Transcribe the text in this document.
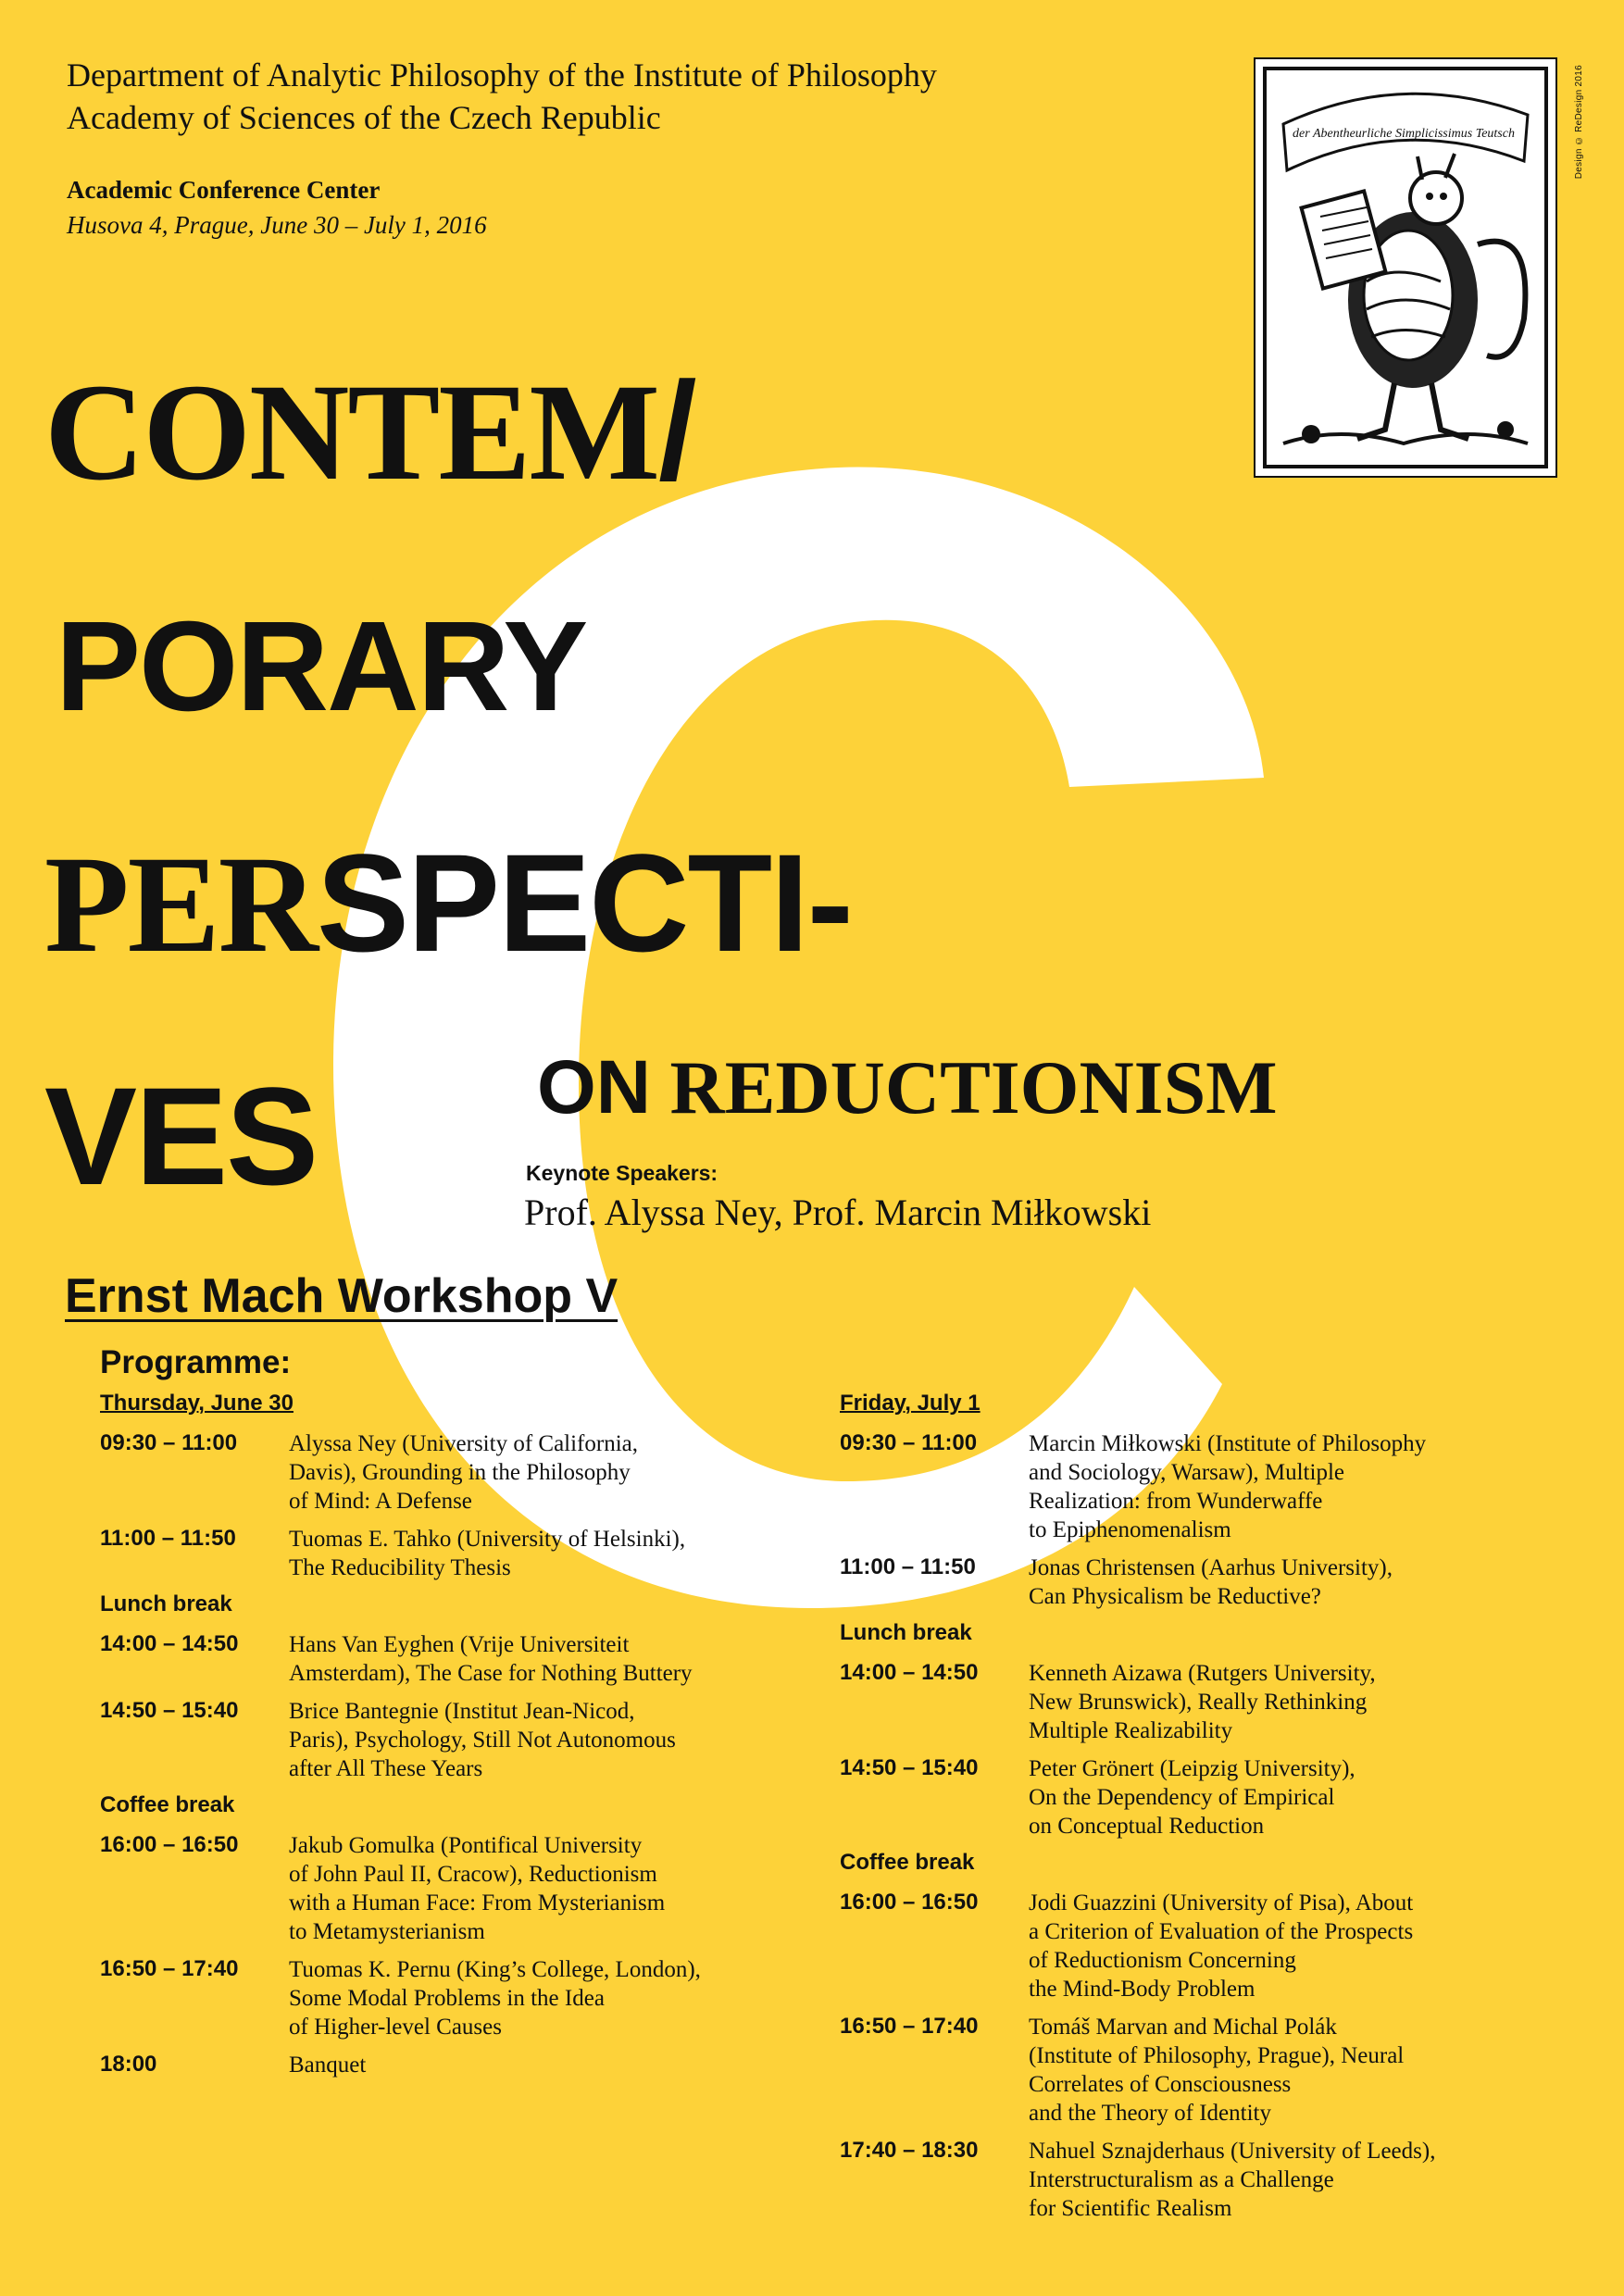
Department of Analytic Philosophy of the Institute of Philosophy
Academy of Sciences of the Czech Republic
Academic Conference Center
Husova 4, Prague, June 30 – July 1, 2016
Design © ReDesign 2016
der Abentheurliche Simplicissimus Teutsch
CONTEM/
PORARY
PERSPECTI-
VES	ON REDUCTIONISM
Keynote Speakers:
Prof. Alyssa Ney, Prof. Marcin Miłkowski
Ernst Mach Workshop V
Programme:
Thursday, June 30
09:30 – 11:00	Alyssa Ney (University of California,
Davis), Grounding in the Philosophy
of Mind: A Defense
11:00 – 11:50	Tuomas E. Tahko (University of Helsinki),
The Reducibility Thesis
Lunch break
14:00 – 14:50	Hans Van Eyghen (Vrije Universiteit
Amsterdam), The Case for Nothing Buttery
14:50 – 15:40	Brice Bantegnie (Institut Jean-Nicod,
Paris), Psychology, Still Not Autonomous
after All These Years
Coffee break
16:00 – 16:50	Jakub Gomulka (Pontifical University
of John Paul II, Cracow), Reductionism
with a Human Face: From Mysterianism
to Metamysterianism
16:50 – 17:40	Tuomas K. Pernu (King’s College, London),
Some Modal Problems in the Idea
of Higher-level Causes
18:00	Banquet
Friday, July 1
09:30 – 11:00	Marcin Miłkowski (Institute of Philosophy
and Sociology, Warsaw), Multiple
Realization: from Wunderwaffe
to Epiphenomenalism
11:00 – 11:50	Jonas Christensen (Aarhus University),
Can Physicalism be Reductive?
Lunch break
14:00 – 14:50	Kenneth Aizawa (Rutgers University,
New Brunswick), Really Rethinking
Multiple Realizability
14:50 – 15:40	Peter Grönert (Leipzig University),
On the Dependency of Empirical
on Conceptual Reduction
Coffee break
16:00 – 16:50	Jodi Guazzini (University of Pisa), About
a Criterion of Evaluation of the Prospects
of Reductionism Concerning
the Mind-Body Problem
16:50 – 17:40	Tomáš Marvan and Michal Polák
(Institute of Philosophy, Prague), Neural
Correlates of Consciousness
and the Theory of Identity
17:40 – 18:30	Nahuel Sznajderhaus (University of Leeds),
Interstructuralism as a Challenge
for Scientific Realism
